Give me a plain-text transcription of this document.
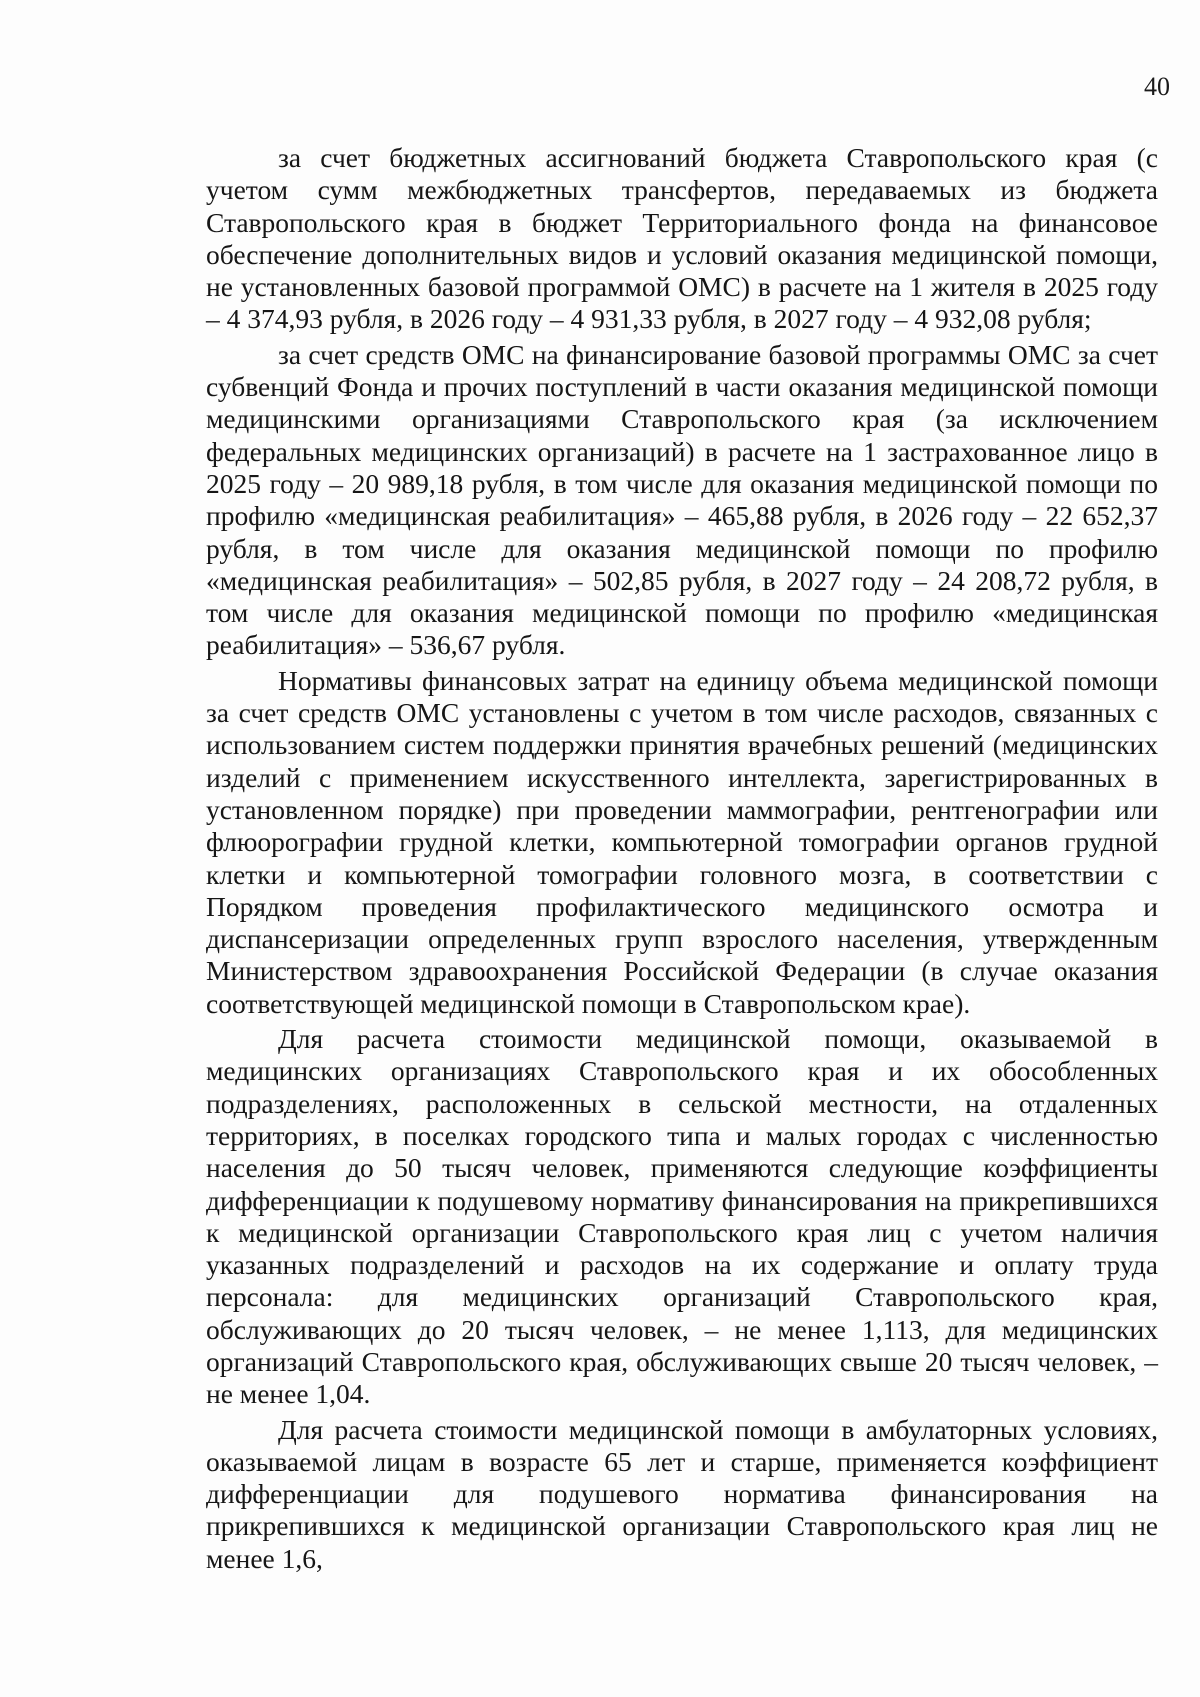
40

за счет бюджетных ассигнований бюджета Ставропольского края (с учетом сумм межбюджетных трансфертов, передаваемых из бюджета Ставропольского края в бюджет Территориального фонда на финансовое обеспечение дополнительных видов и условий оказания медицинской помощи, не установленных базовой программой ОМС) в расчете на 1 жителя в 2025 году – 4 374,93 рубля, в 2026 году – 4 931,33 рубля, в 2027 году – 4 932,08 рубля;

за счет средств ОМС на финансирование базовой программы ОМС за счет субвенций Фонда и прочих поступлений в части оказания медицинской помощи медицинскими организациями Ставропольского края (за исключением федеральных медицинских организаций) в расчете на 1 застрахованное лицо в 2025 году – 20 989,18 рубля, в том числе для оказания медицинской помощи по профилю «медицинская реабилитация» – 465,88 рубля, в 2026 году – 22 652,37 рубля, в том числе для оказания медицинской помощи по профилю «медицинская реабилитация» – 502,85 рубля, в 2027 году – 24 208,72 рубля, в том числе для оказания медицинской помощи по профилю «медицинская реабилитация» – 536,67 рубля.

Нормативы финансовых затрат на единицу объема медицинской помощи за счет средств ОМС установлены с учетом в том числе расходов, связанных с использованием систем поддержки принятия врачебных решений (медицинских изделий с применением искусственного интеллекта, зарегистрированных в установленном порядке) при проведении маммографии, рентгенографии или флюорографии грудной клетки, компьютерной томографии органов грудной клетки и компьютерной томографии головного мозга, в соответствии с Порядком проведения профилактического медицинского осмотра и диспансеризации определенных групп взрослого населения, утвержденным Министерством здравоохранения Российской Федерации (в случае оказания соответствующей медицинской помощи в Ставропольском крае).

Для расчета стоимости медицинской помощи, оказываемой в медицинских организациях Ставропольского края и их обособленных подразделениях, расположенных в сельской местности, на отдаленных территориях, в поселках городского типа и малых городах с численностью населения до 50 тысяч человек, применяются следующие коэффициенты дифференциации к подушевому нормативу финансирования на прикрепившихся к медицинской организации Ставропольского края лиц с учетом наличия указанных подразделений и расходов на их содержание и оплату труда персонала: для медицинских организаций Ставропольского края, обслуживающих до 20 тысяч человек, – не менее 1,113, для медицинских организаций Ставропольского края, обслуживающих свыше 20 тысяч человек, – не менее 1,04.

Для расчета стоимости медицинской помощи в амбулаторных условиях, оказываемой лицам в возрасте 65 лет и старше, применяется коэффициент дифференциации для подушевого норматива финансирования на прикрепившихся к медицинской организации Ставропольского края лиц не менее 1,6,
